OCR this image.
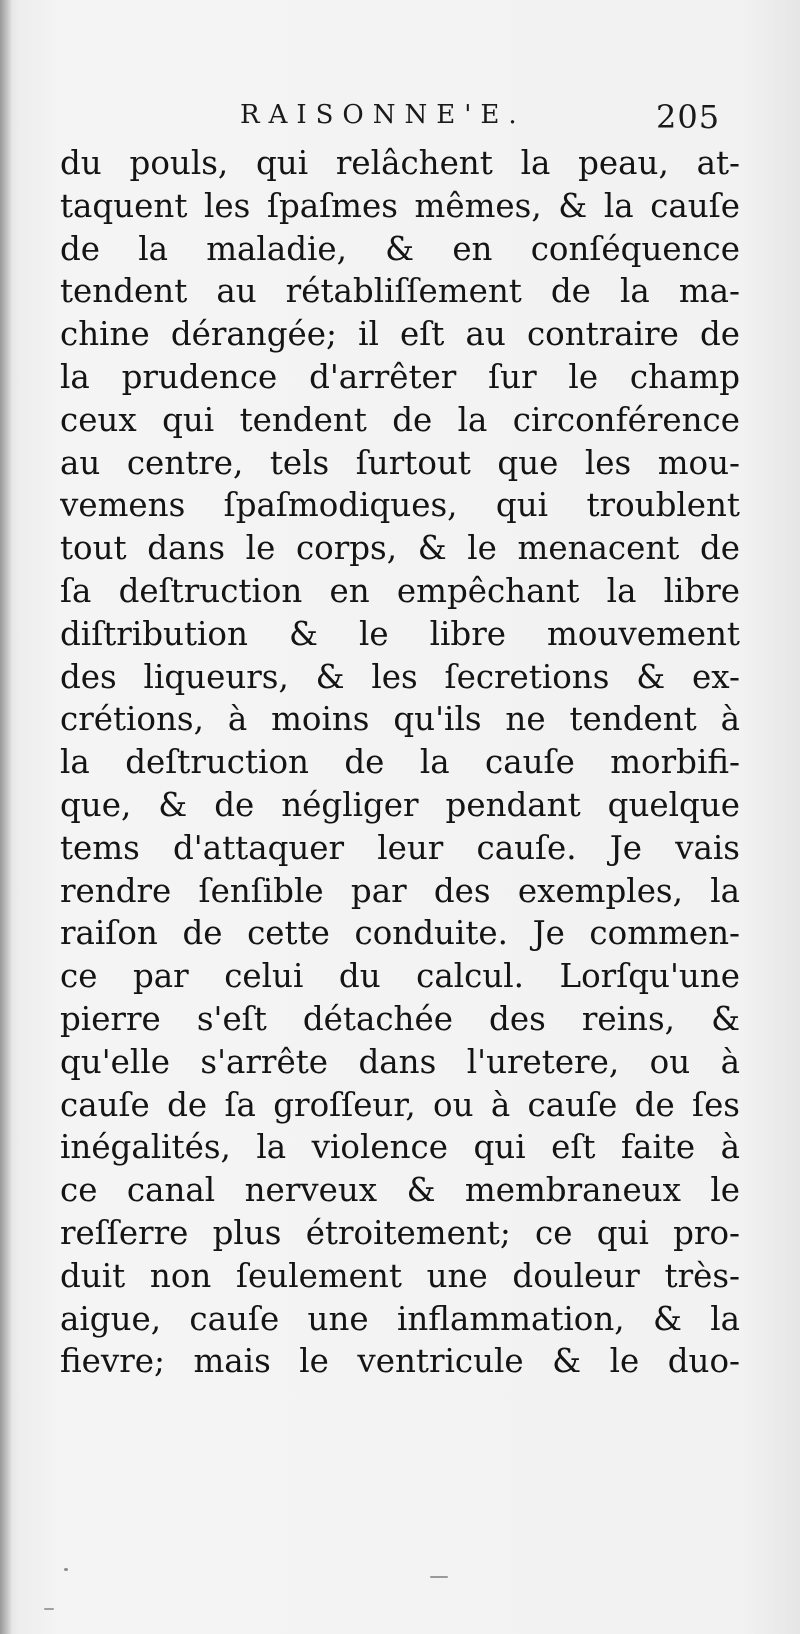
RAISONNE'E.	205
du pouls, qui relâchent la peau, at-
taquent les ſpaſmes mêmes, & la cauſe
de la maladie, & en conſéquence
tendent au rétabliſſement de la ma-
chine dérangée; il eſt au contraire de
la prudence d'arrêter ſur le champ
ceux qui tendent de la circonférence
au centre, tels ſurtout que les mou-
vemens ſpaſmodiques, qui troublent
tout dans le corps, & le menacent de
ſa deſtruction en empêchant la libre
diſtribution & le libre mouvement
des liqueurs, & les ſecretions & ex-
crétions, à moins qu'ils ne tendent à
la deſtruction de la cauſe morbifi-
que, & de négliger pendant quelque
tems d'attaquer leur cauſe. Je vais
rendre ſenſible par des exemples, la
raiſon de cette conduite. Je commen-
ce par celui du calcul. Lorſqu'une
pierre s'eſt détachée des reins, &
qu'elle s'arrête dans l'uretere, ou à
cauſe de ſa groſſeur, ou à cauſe de ſes
inégalités, la violence qui eſt faite à
ce canal nerveux & membraneux le
reſſerre plus étroitement; ce qui pro-
duit non ſeulement une douleur très-
aigue, cauſe une inflammation, & la
fievre; mais le ventricule & le duo-
